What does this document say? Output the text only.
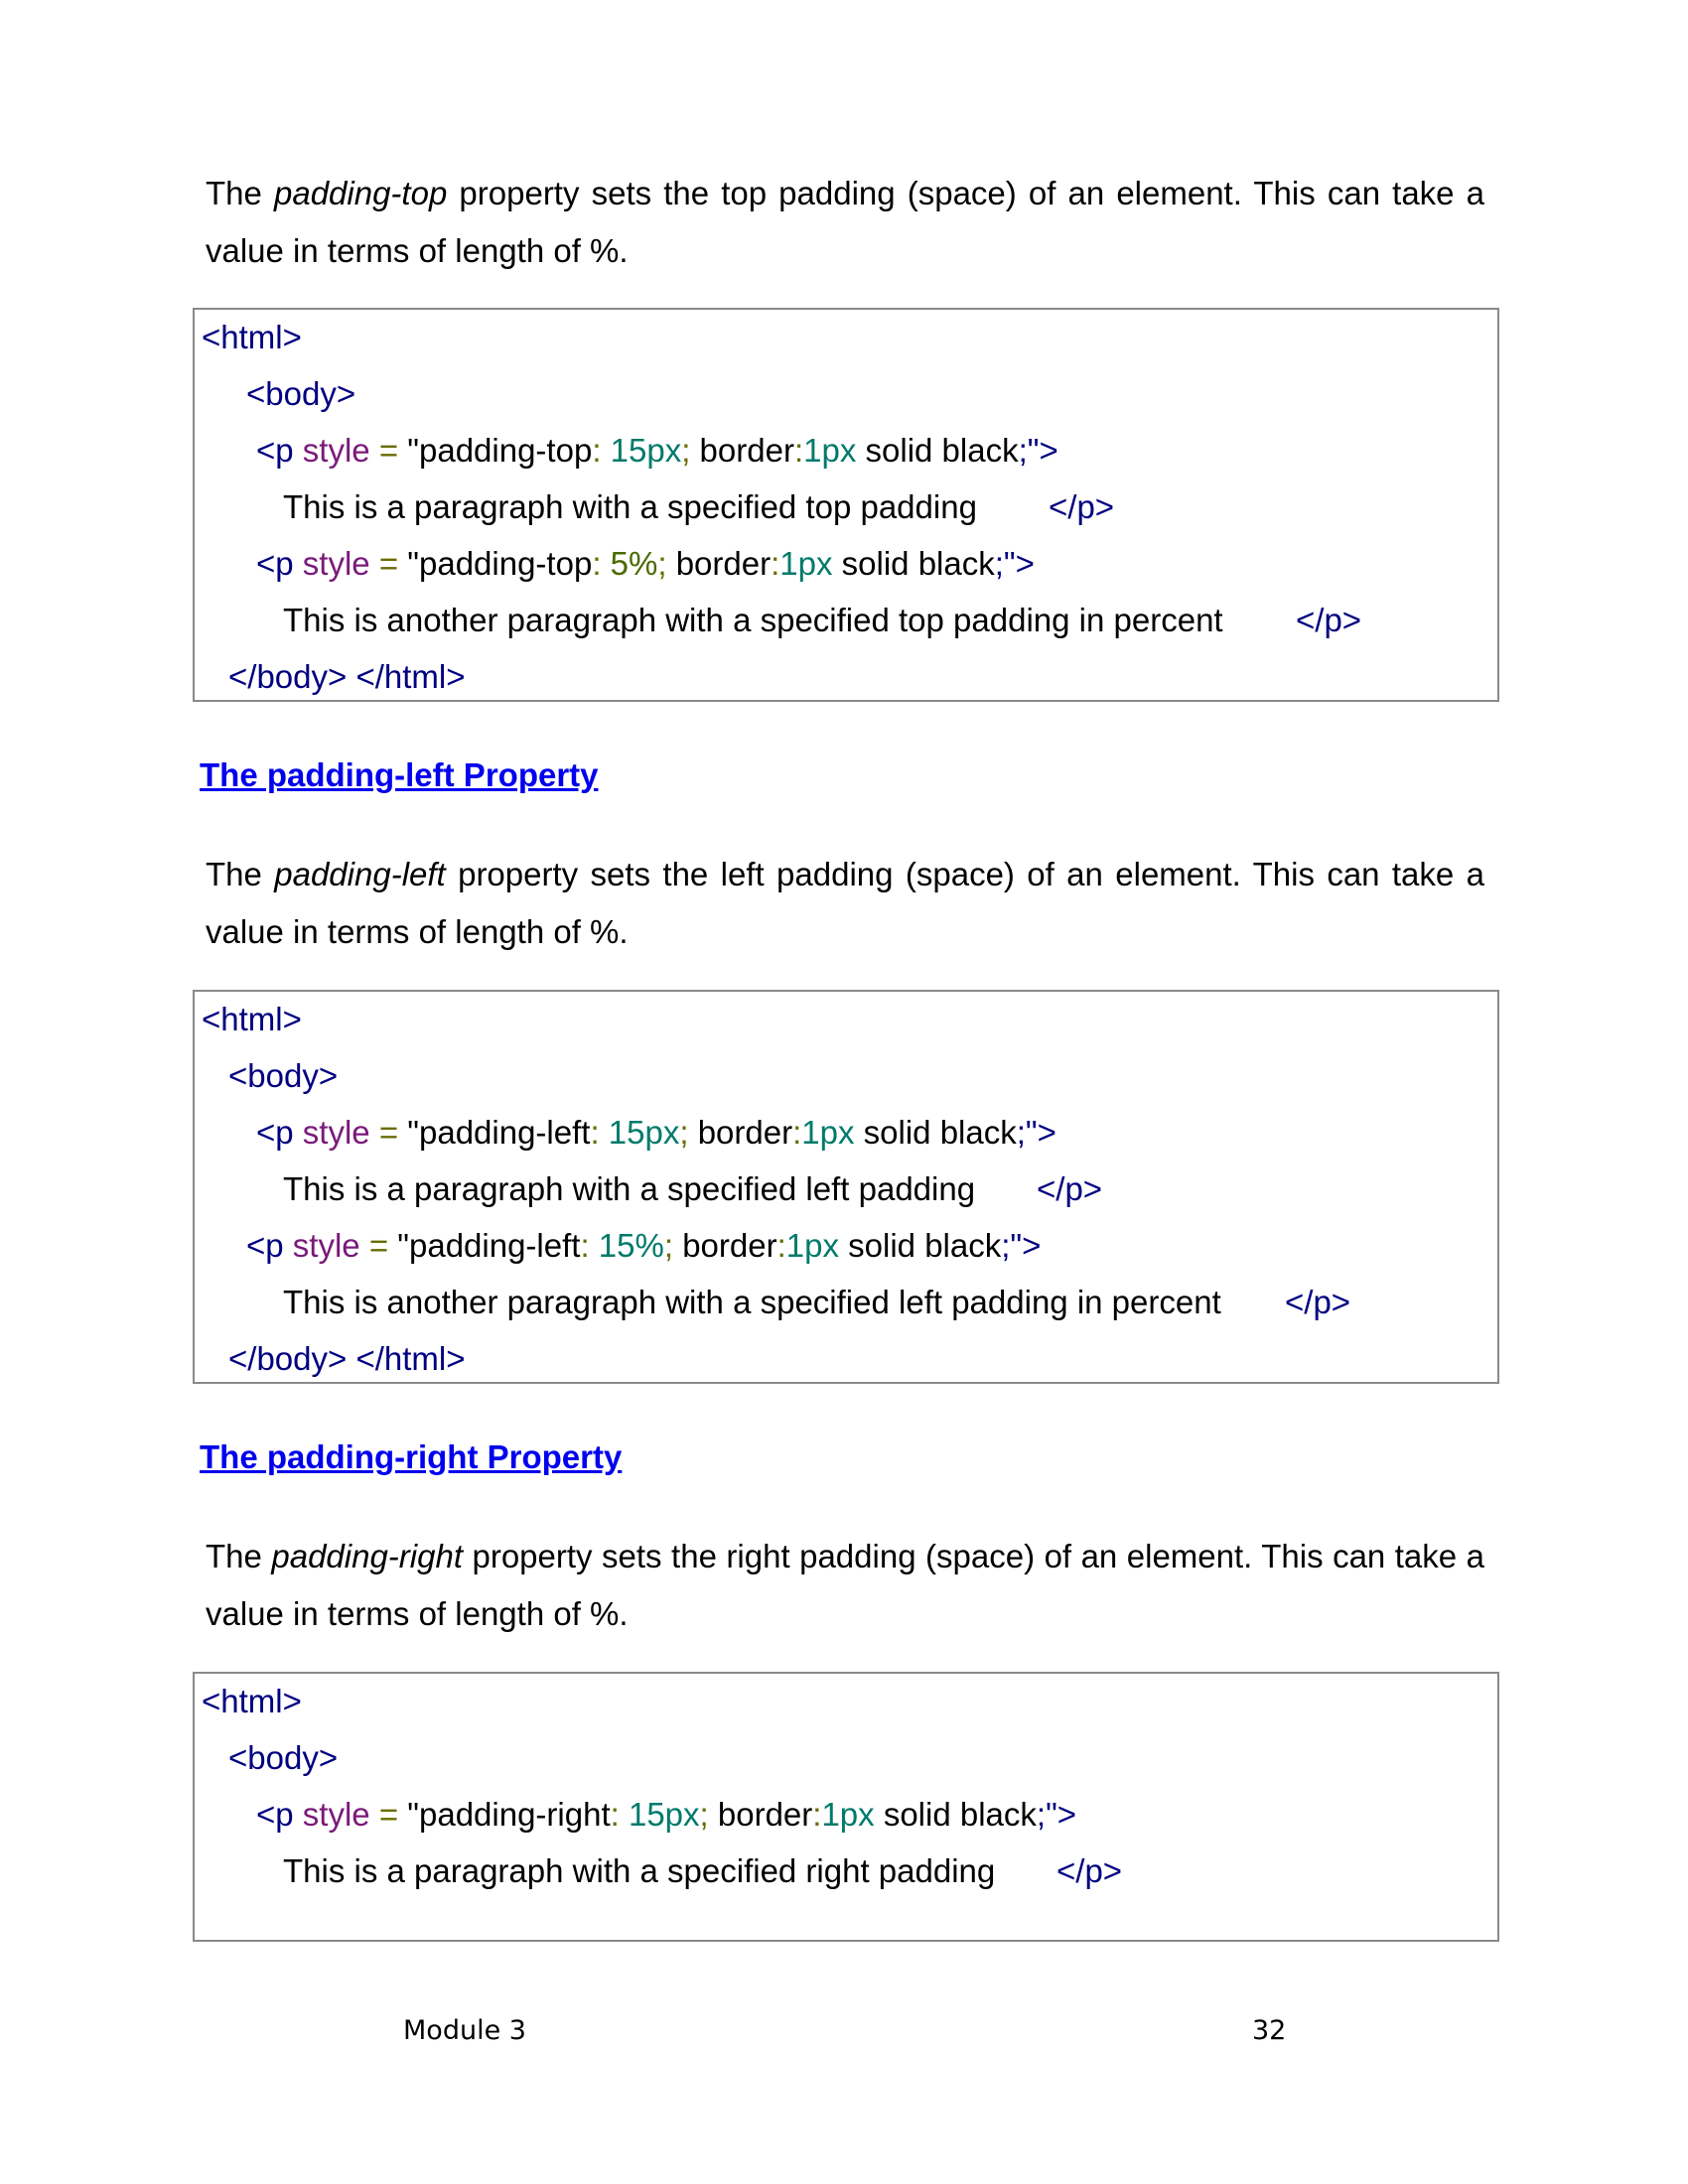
The padding-top property sets the top padding (space) of an element. This can take a value in terms of length of %.

<html>
<body>
<p style = "padding-top: 15px; border:1px solid black;">
This is a paragraph with a specified top padding </p>
<p style = "padding-top: 5%; border:1px solid black;">
This is another paragraph with a specified top padding in percent </p>
</body> </html>
The padding-left Property

The padding-left property sets the left padding (space) of an element. This can take a value in terms of length of %.

<html>
<body>
<p style = "padding-left: 15px; border:1px solid black;">
This is a paragraph with a specified left padding </p>
<p style = "padding-left: 15%; border:1px solid black;">
This is another paragraph with a specified left padding in percent </p>
</body> </html>
The padding-right Property

The padding-right property sets the right padding (space) of an element. This can take a value in terms of length of %.

<html>
<body>
<p style = "padding-right: 15px; border:1px solid black;">
This is a paragraph with a specified right padding </p>
Module 3	32
